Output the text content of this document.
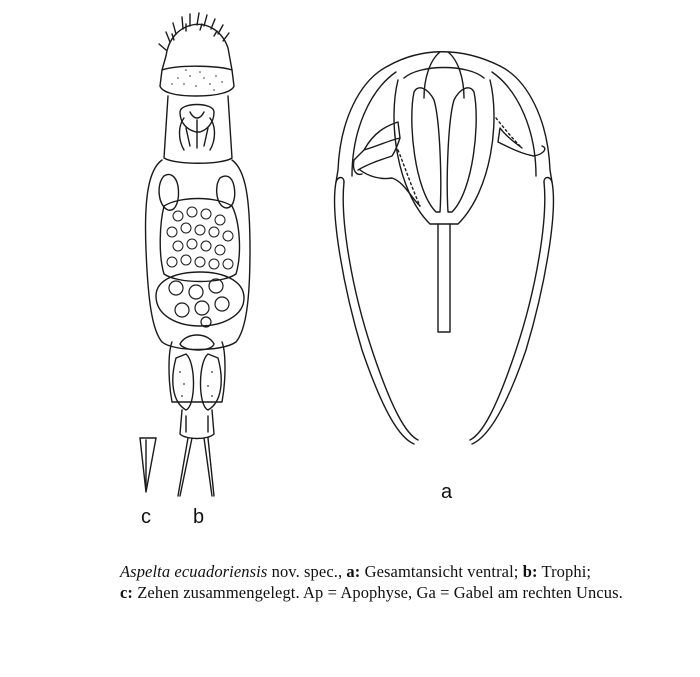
c b
a
Aspelta ecuadoriensis nov. spec., a: Gesamtansicht ventral; b: Trophi;
c: Zehen zusammengelegt. Ap = Apophyse, Ga = Gabel am rechten Uncus.
